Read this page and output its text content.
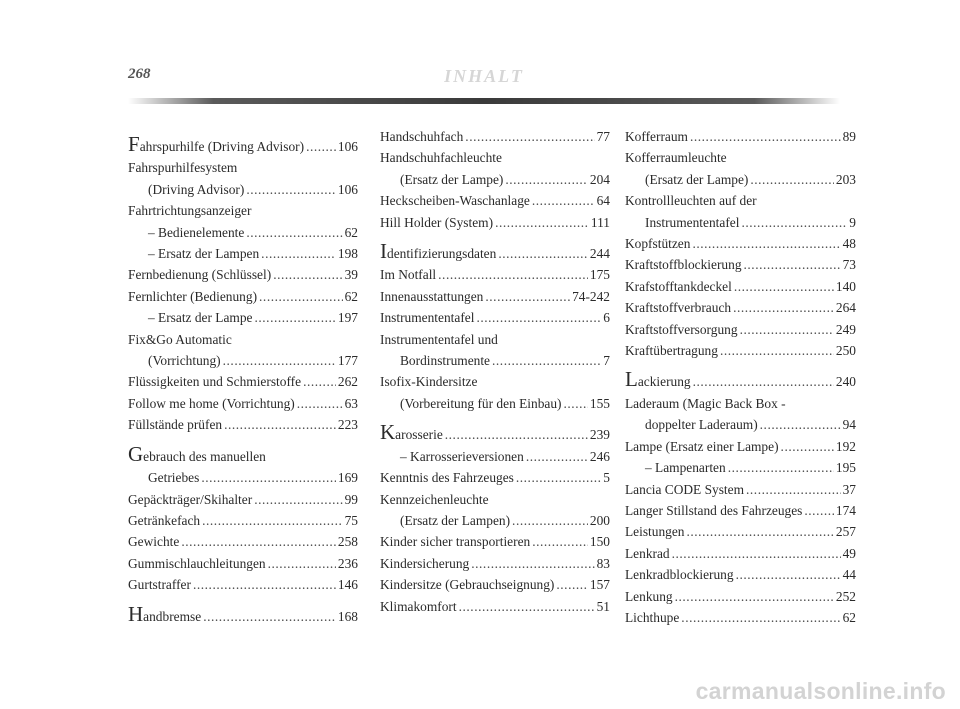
268	INHALT
Fahrspurhilfe (Driving Advisor) . . .	106
Fahrspurhilfesystem
(Driving Advisor) . . .	106
Fahrtrichtungsanzeiger
– Bedienelemente . . .	62
– Ersatz der Lampen . . .	198
Fernbedienung (Schlüssel) . . .	39
Fernlichter (Bedienung) . . .	62
– Ersatz der Lampe . . .	197
Fix&Go Automatic
(Vorrichtung) . . .	177
Flüssigkeiten und Schmierstoffe . . .	262
Follow me home (Vorrichtung) . . .	63
Füllstände prüfen . . .	223
Gebrauch des manuellen
Getriebes . . .	169
Gepäckträger/Skihalter . . .	99
Getränkefach . . .	75
Gewichte . . .	258
Gummischlauchleitungen . . .	236
Gurtstraffer . . .	146
Handbremse . . .	168
Handschuhfach . . .	77
Handschuhfachleuchte
(Ersatz der Lampe) . . .	204
Heckscheiben-Waschanlage . . .	64
Hill Holder (System) . . .	111
Identifizierungsdaten . . .	244
Im Notfall . . .	175
Innenausstattungen . . .	74-242
Instrumententafel . . .	6
Instrumententafel und
Bordinstrumente . . .	7
Isofix-Kindersitze
(Vorbereitung für den Einbau) . . . 155
Karosserie . . .	239
– Karrosserieversionen . . .	246
Kenntnis des Fahrzeuges . . .	5
Kennzeichenleuchte
(Ersatz der Lampen) . . .	200
Kinder sicher transportieren . . .	150
Kindersicherung . . .	83
Kindersitze (Gebrauchseignung) . . .	157
Klimakomfort . . .	51
Kofferraum . . .	89
Kofferraumleuchte
(Ersatz der Lampe) . . .	203
Kontrollleuchten auf der
Instrumententafel . . .	9
Kopfstützen . . .	48
Kraftstoffblockierung . . .	73
Krafstofftankdeckel . . .	140
Kraftstoffverbrauch . . .	264
Kraftstoffversorgung . . .	249
Kraftübertragung . . .	250
Lackierung . . .	240
Laderaum (Magic Back Box -
doppelter Laderaum) . . .	94
Lampe (Ersatz einer Lampe) . . .	192
– Lampenarten . . .	195
Lancia CODE System . . .	37
Langer Stillstand des Fahrzeuges . . .	174
Leistungen . . .	257
Lenkrad . . .	49
Lenkradblockierung . . .	44
Lenkung . . .	252
Lichthupe . . .	62
carmanualsonline.info
